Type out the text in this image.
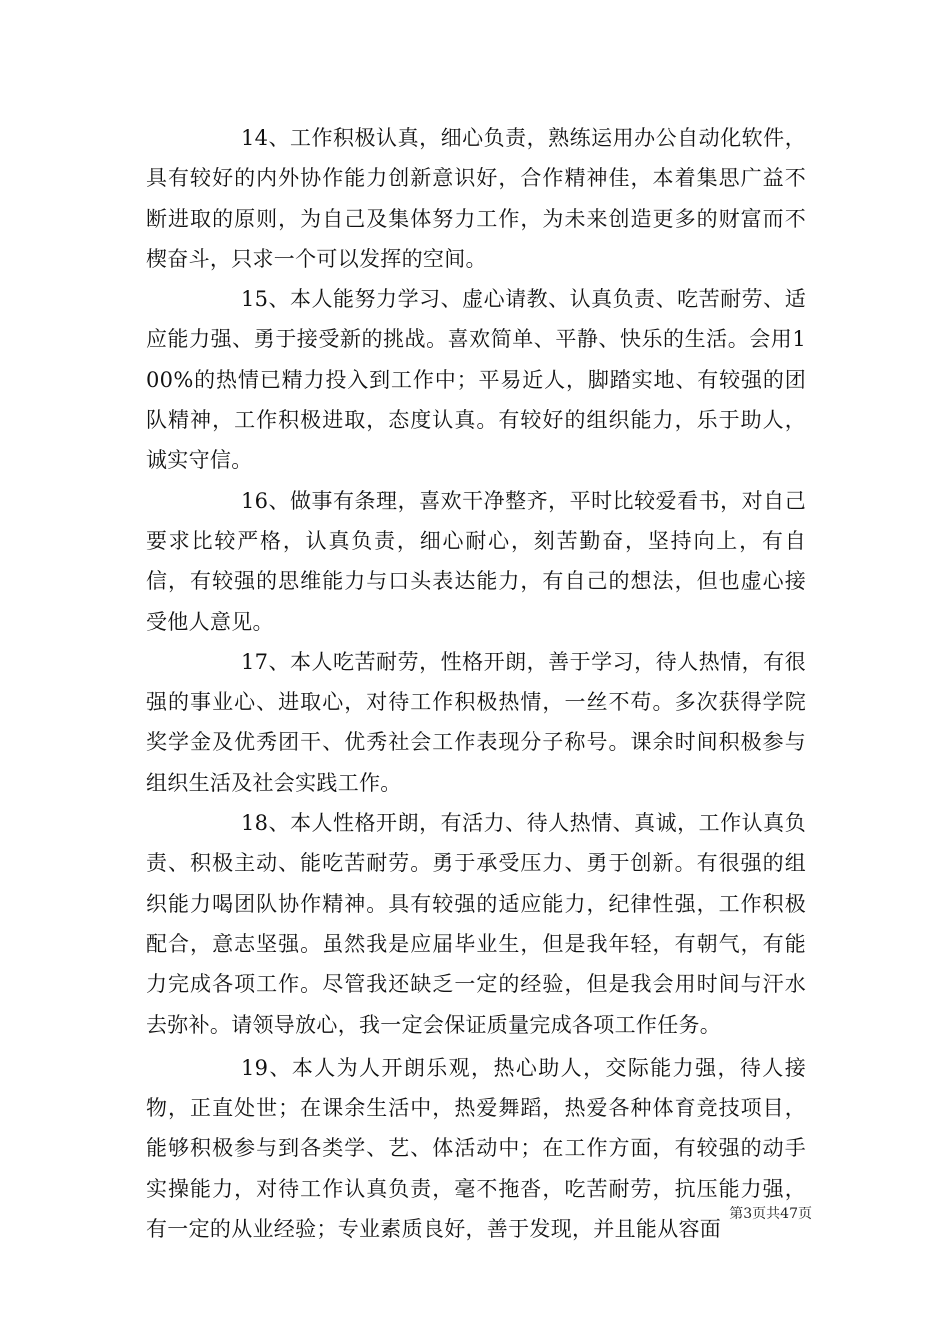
14、工作积极认真，细心负责，熟练运用办公自动化软件，具有较好的内外协作能力创新意识好，合作精神佳，本着集思广益不断进取的原则，为自己及集体努力工作，为未来创造更多的财富而不楔奋斗，只求一个可以发挥的空间。

15、本人能努力学习、虚心请教、认真负责、吃苦耐劳、适应能力强、勇于接受新的挑战。喜欢简单、平静、快乐的生活。会用100%的热情已精力投入到工作中；平易近人，脚踏实地、有较强的团队精神，工作积极进取，态度认真。有较好的组织能力，乐于助人，诚实守信。

16、做事有条理，喜欢干净整齐，平时比较爱看书，对自己要求比较严格，认真负责，细心耐心，刻苦勤奋，坚持向上，有自信，有较强的思维能力与口头表达能力，有自己的想法，但也虚心接受他人意见。

17、本人吃苦耐劳，性格开朗，善于学习，待人热情，有很强的事业心、进取心，对待工作积极热情，一丝不苟。多次获得学院奖学金及优秀团干、优秀社会工作表现分子称号。课余时间积极参与组织生活及社会实践工作。

18、本人性格开朗，有活力、待人热情、真诚，工作认真负责、积极主动、能吃苦耐劳。勇于承受压力、勇于创新。有很强的组织能力喝团队协作精神。具有较强的适应能力，纪律性强，工作积极配合，意志坚强。虽然我是应届毕业生，但是我年轻，有朝气，有能力完成各项工作。尽管我还缺乏一定的经验，但是我会用时间与汗水去弥补。请领导放心，我一定会保证质量完成各项工作任务。

19、本人为人开朗乐观，热心助人，交际能力强，待人接物，正直处世；在课余生活中，热爱舞蹈，热爱各种体育竞技项目，能够积极参与到各类学、艺、体活动中；在工作方面，有较强的动手实操能力，对待工作认真负责，毫不拖沓，吃苦耐劳，抗压能力强，有一定的从业经验；专业素质良好，善于发现，并且能从容面

第3页共47页
